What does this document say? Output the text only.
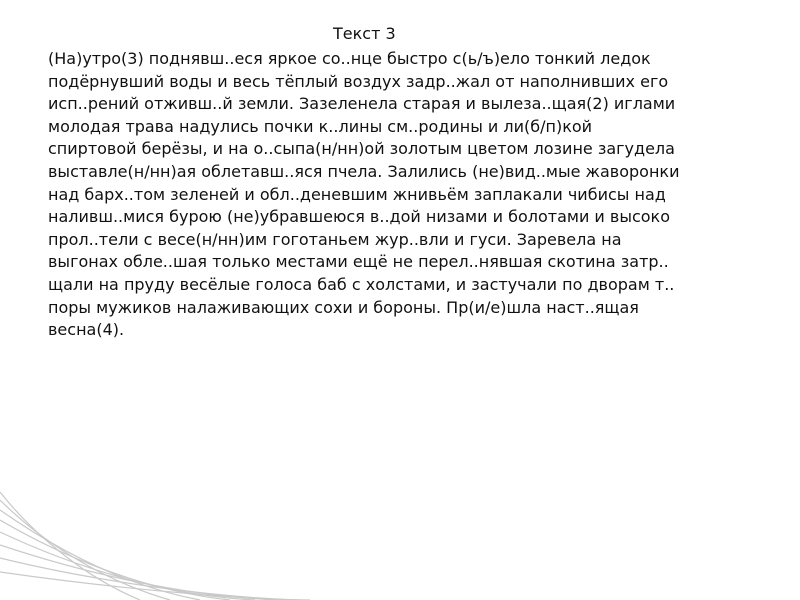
Текст 3
(На)утро(3) поднявш..еся яркое со..нце быстро с(ь/ъ)ело тонкий ледок
подёрнувший воды и весь тёплый воздух задр..жал от наполнивших его
исп..рений отживш..й земли. Зазеленела старая и вылеза..щая(2) иглами
молодая трава надулись почки к..лины см..родины и ли(б/п)кой
спиртовой берёзы, и на о..сыпа(н/нн)ой золотым цветом лозине загудела
выставле(н/нн)ая облетавш..яся пчела. Залились (не)вид..мые жаворонки
над барх..том зеленей и обл..деневшим жнивьём заплакали чибисы над
наливш..мися бурою (не)убравшеюся в..дой низами и болотами и высоко
прол..тели с весе(н/нн)им гоготаньем жур..вли и гуси. Заревела на
выгонах обле..шая только местами ещё не перел..нявшая скотина затр..
щали на пруду весёлые голоса баб с холстами, и застучали по дворам т..
поры мужиков налаживающих сохи и бороны. Пр(и/е)шла наст..ящая
весна(4).
